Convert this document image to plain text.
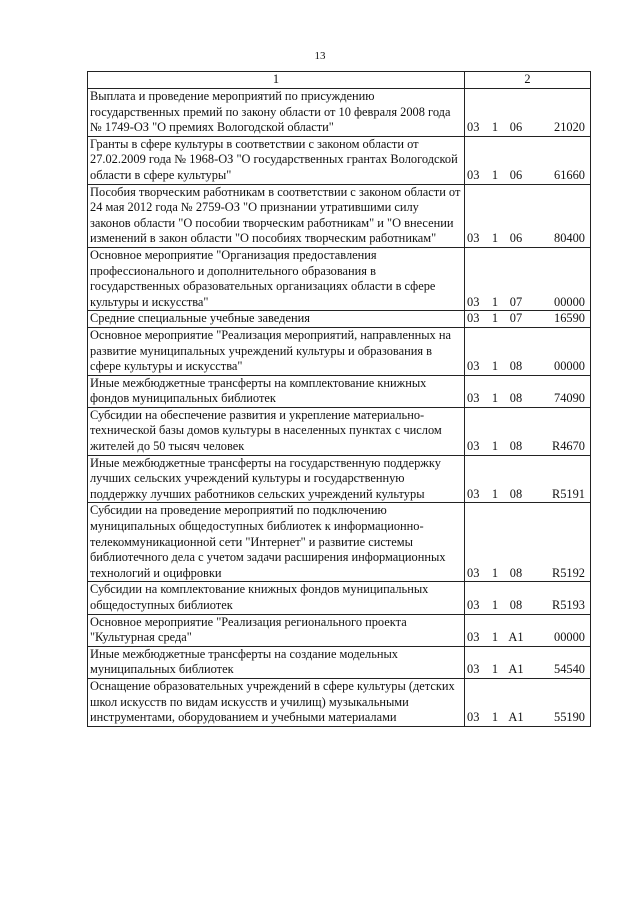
13
1	2
Выплата и проведение мероприятий по присуждению государственных премий по закону области от 10 февраля 2008 года № 1749-ОЗ "О премиях Вологодской области"	03 1 06 21020
Гранты в сфере культуры в соответствии с законом области от 27.02.2009 года № 1968-ОЗ "О государственных грантах Вологодской области в сфере культуры"	03 1 06 61660
Пособия творческим работникам в соответствии с законом области от 24 мая 2012 года № 2759-ОЗ "О признании утратившими силу законов области "О пособии творческим работникам" и "О внесении изменений в закон области "О пособиях творческим работникам"	03 1 06 80400
Основное мероприятие "Организация предоставления профессионального и дополнительного образования в государственных образовательных организациях области в сфере культуры и искусства"	03 1 07 00000
Средние специальные учебные заведения	03 1 07 16590
Основное мероприятие "Реализация мероприятий, направленных на развитие муниципальных учреждений культуры и образования в сфере культуры и искусства"	03 1 08 00000
Иные межбюджетные трансферты на комплектование книжных фондов муниципальных библиотек	03 1 08 74090
Субсидии на обеспечение развития и укрепление материально-технической базы домов культуры в населенных пунктах с числом жителей до 50 тысяч человек	03 1 08 R4670
Иные межбюджетные трансферты на государственную поддержку лучших сельских учреждений культуры и государственную поддержку лучших работников сельских учреждений культуры	03 1 08 R5191
Субсидии на проведение мероприятий по подключению муниципальных общедоступных библиотек к информационно-телекоммуникационной сети "Интернет" и развитие системы библиотечного дела с учетом задачи расширения информационных технологий и оцифровки	03 1 08 R5192
Субсидии на комплектование книжных фондов муниципальных общедоступных библиотек	03 1 08 R5193
Основное мероприятие "Реализация регионального проекта "Культурная среда"	03 1 A1 00000
Иные межбюджетные трансферты на создание модельных муниципальных библиотек	03 1 A1 54540
Оснащение образовательных учреждений в сфере культуры (детских школ искусств по видам искусств и училищ) музыкальными инструментами, оборудованием и учебными материалами	03 1 A1 55190
